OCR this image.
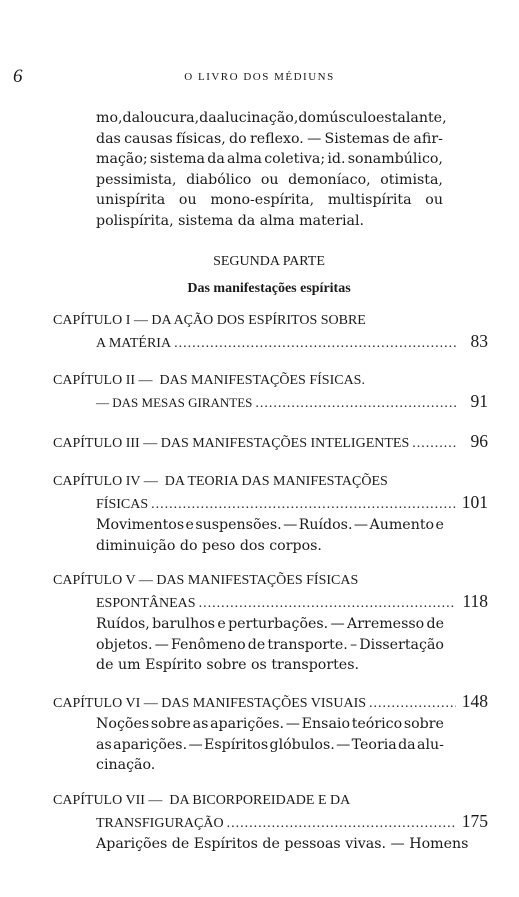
6	O LIVRO DOS MÉDIUNS
mo, da loucura, da alucinação, do músculo estalante,
das causas físicas, do reflexo. — Sistemas de afir-
mação; sistema da alma coletiva; id. sonambúlico,
pessimista, diabólico ou demoníaco, otimista,
unispírita ou mono-espírita, multispírita ou
polispírita, sistema da alma material.
SEGUNDA PARTE
Das manifestações espíritas
CAPÍTULO I —
DA AÇÃO DOS ESPÍRITOS SOBRE
A MATÉRIA .....	83
CAPÍTULO II —
DAS MANIFESTAÇÕES FÍSICAS.
— DAS MESAS GIRANTES .....	91
CAPÍTULO III —
DAS MANIFESTAÇÕES INTELIGENTES .....	96
CAPÍTULO IV —
DA TEORIA DAS MANIFESTAÇÕES
FÍSICAS .....	101
Movimentos e suspensões. — Ruídos. — Aumento e
diminuição do peso dos corpos.
CAPÍTULO V —
DAS MANIFESTAÇÕES FÍSICAS
ESPONTÂNEAS .....	118
Ruídos, barulhos e perturbações. — Arremesso de
objetos. — Fenômeno de transporte. – Dissertação
de um Espírito sobre os transportes.
CAPÍTULO VI —
DAS MANIFESTAÇÕES VISUAIS .....	148
Noções sobre as aparições. — Ensaio teórico sobre
as aparições. — Espíritos glóbulos. — Teoria da alu-
cinação.
CAPÍTULO VII —
DA BICORPOREIDADE E DA
TRANSFIGURAÇÃO .....	175
Aparições de Espíritos de pessoas vivas. — Homens
